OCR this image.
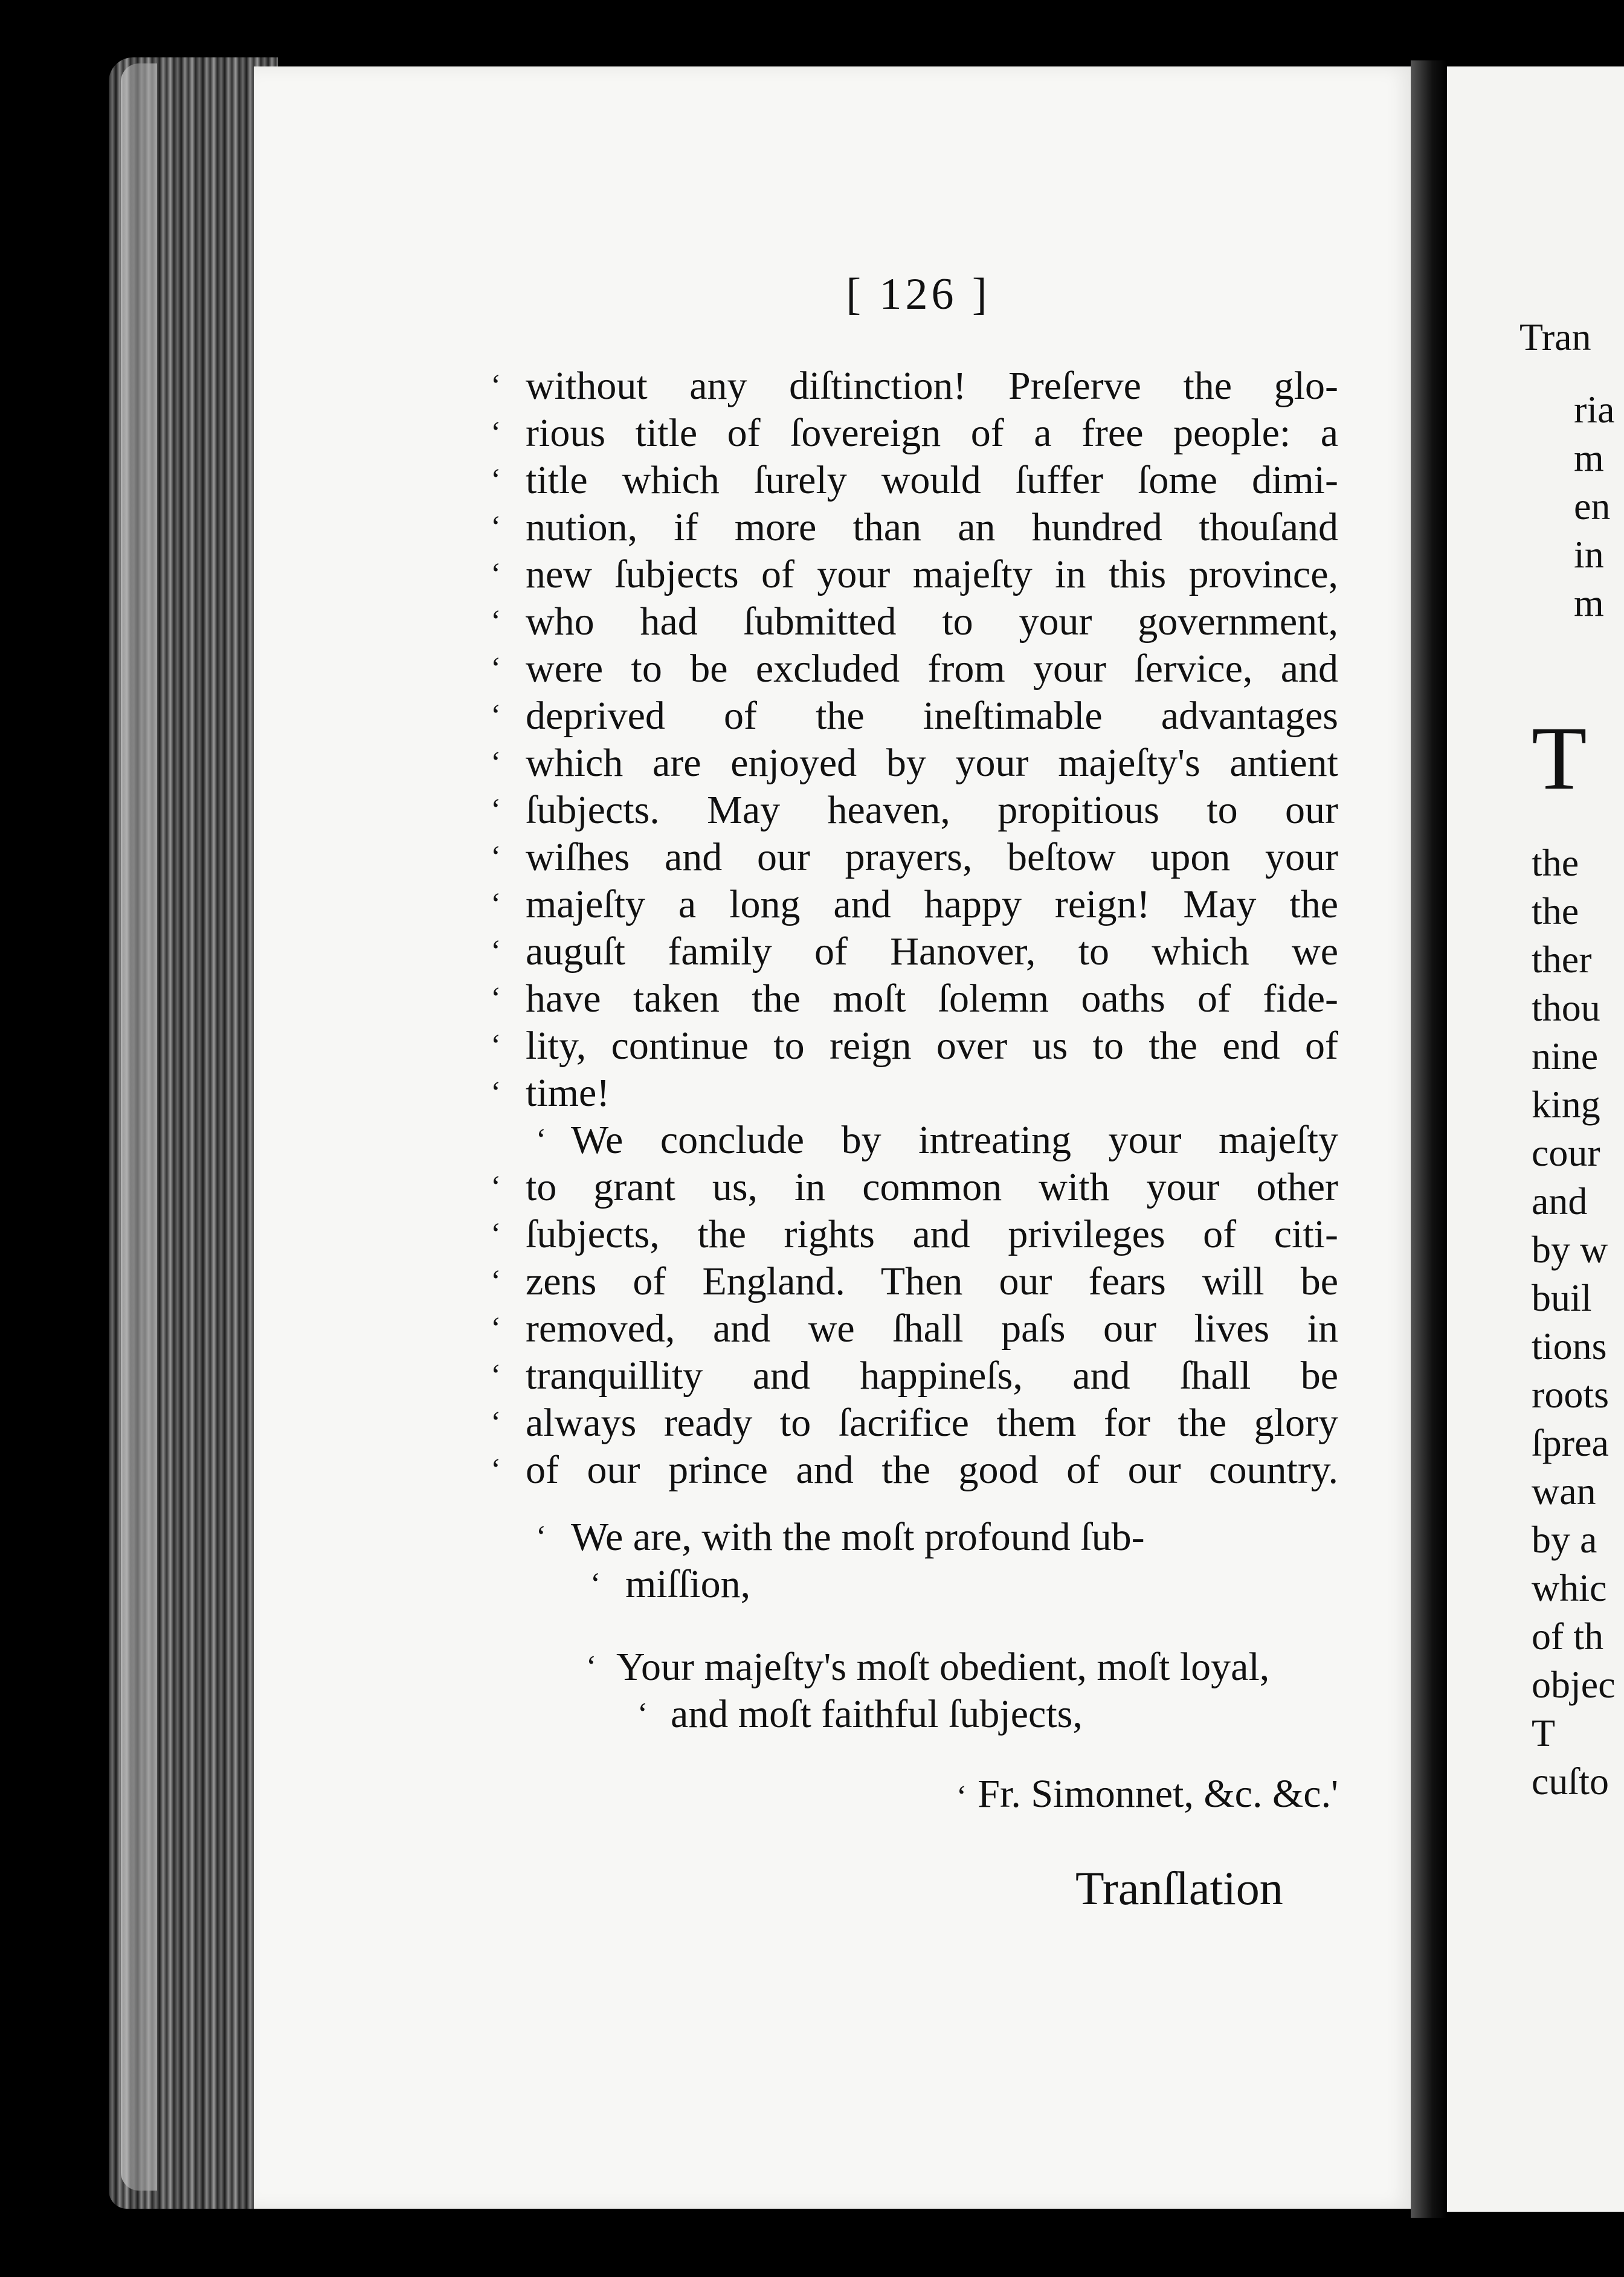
[ 126 ]
‘ without any diſtinction! Preſerve the glo-
‘ rious title of ſovereign of a free people: a
‘ title which ſurely would ſuffer ſome dimi-
‘ nution, if more than an hundred thouſand
‘ new ſubjects of your majeſty in this province,
‘ who had ſubmitted to your government,
‘ were to be excluded from your ſervice, and
‘ deprived of the ineſtimable advantages
‘ which are enjoyed by your majeſty's antient
‘ ſubjects. May heaven, propitious to our
‘ wiſhes and our prayers, beſtow upon your
‘ majeſty a long and happy reign! May the
‘ auguſt family of Hanover, to which we
‘ have taken the moſt ſolemn oaths of fide-
‘ lity, continue to reign over us to the end of
‘ time!
‘ We conclude by intreating your majeſty
‘ to grant us, in common with your other
‘ ſubjects, the rights and privileges of citi-
‘ zens of England. Then our fears will be
‘ removed, and we ſhall paſs our lives in
‘ tranquillity and happineſs, and ſhall be
‘ always ready to ſacrifice them for the glory
‘ of our prince and the good of our country.
‘ We are, with the moſt profound ſub-
‘ miſſion,
‘ Your majeſty's moſt obedient, moſt loyal,
‘ and moſt faithful ſubjects,
‘ Fr. Simonnet, &c. &c.'
Tranſlation
Tran
ria
m
en
in
m
T
the
the
ther
thou
nine
king
cour
and
by w
buil
tions
roots
ſprea
wan
by a
whic
of th
objec
T
cuſto
